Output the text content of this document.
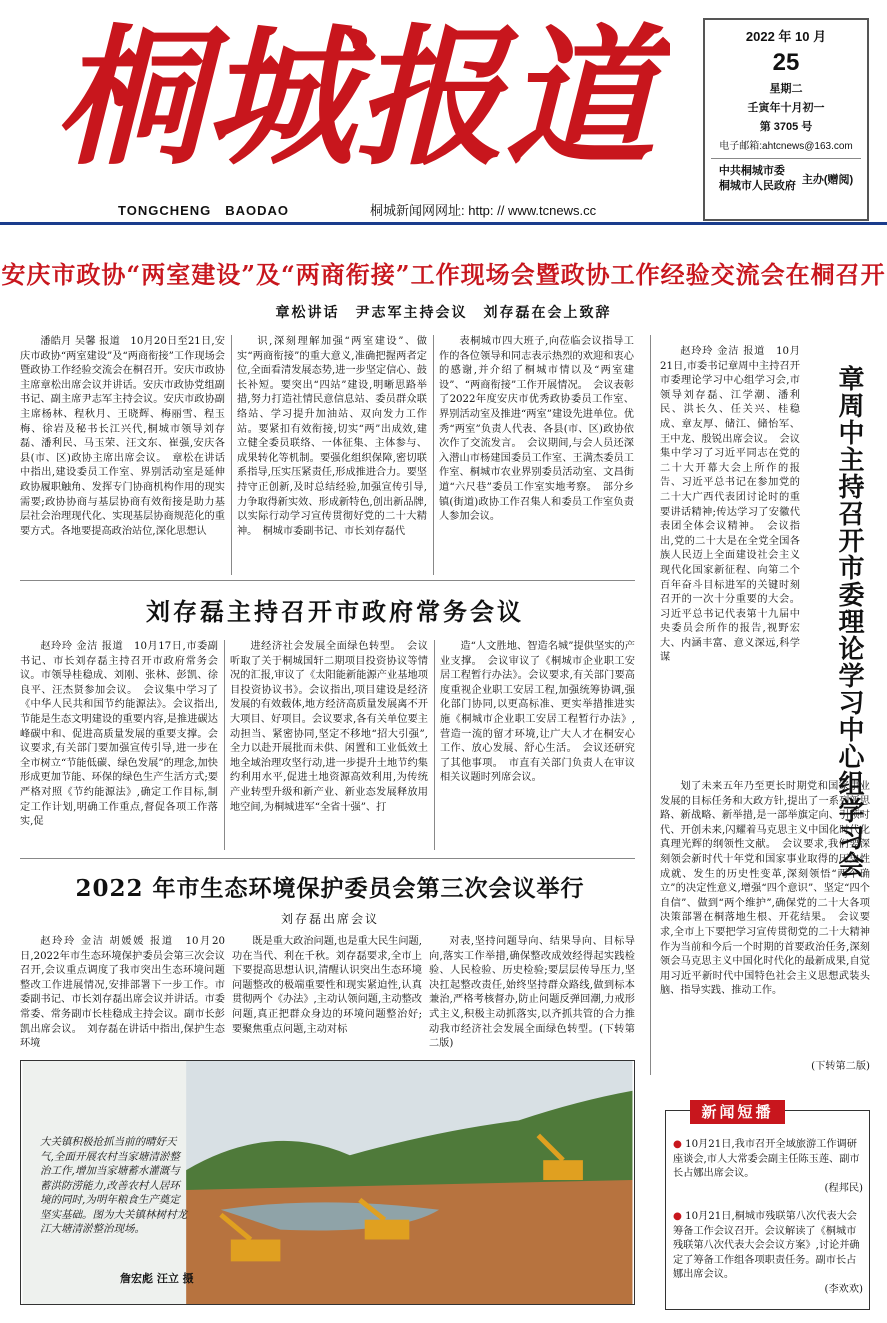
桐城报道
TONGCHENG　BAODAO	桐城新闻网网址: http: // www.tcnews.cc
2022 年 10 月
25
星期二
壬寅年十月初一
第 3705 号
电子邮箱:ahtcnews@163.com
中共桐城市委
桐城市人民政府 主办(赠阅)
安庆市政协“两室建设”及“两商衔接”工作现场会暨政协工作经验交流会在桐召开
章松讲话　尹志军主持会议　刘存磊在会上致辞

潘皓月 吴馨 报道　10月20日至21日,安庆市政协“两室建设”及“两商衔接”工作现场会暨政协工作经验交流会在桐召开。安庆市政协主席章松出席会议并讲话。安庆市政协党组副书记、副主席尹志军主持会议。安庆市政协副主席杨林、程秋月、王晓辉、梅丽雪、程玉梅、徐岩及秘书长江兴代,桐城市领导刘存磊、潘利民、马玉荣、汪文东、崔强,安庆各县(市、区)政协主席出席会议。　章松在讲话中指出,建设委员工作室、界别活动室是延伸政协履职触角、发挥专门协商机构作用的现实需要;政协协商与基层协商有效衔接是助力基层社会治理现代化、实现基层协商规范化的重要方式。各地要提高政治站位,深化思想认

识,深刻理解加强“两室建设”、做实“两商衔接”的重大意义,准确把握两者定位,全面看清发展态势,进一步坚定信心、鼓长补短。要突出“四站”建设,明晰思路举措,努力打造社情民意信息站、委员群众联络站、学习提升加油站、双向发力工作站。要紧扣有效衔接,切实“两”出成效,建立健全委员联络、一体征集、主体参与、成果转化等机制。要强化组织保障,密切联系指导,压实压紧责任,形成推进合力。要坚持守正创新,及时总结经验,加强宣传引导,力争取得新实效、形成新特色,创出新品牌,以实际行动学习宣传贯彻好党的二十大精神。　桐城市委副书记、市长刘存磊代

表桐城市四大班子,向莅临会议指导工作的各位领导和同志表示热烈的欢迎和衷心的感谢,并介绍了桐城市情以及“两室建设”、“两商衔接”工作开展情况。　会议表彰了2022年度安庆市优秀政协委员工作室、界别活动室及推进“两室”建设先进单位。优秀“两室”负责人代表、各县(市、区)政协依次作了交流发言。　会议期间,与会人员还深入潜山市杨建国委员工作室、王满杰委员工作室、桐城市农业界别委员活动室、文昌街道“六尺巷”委员工作室实地考察。　部分乡镇(街道)政协工作召集人和委员工作室负责人参加会议。

刘存磊主持召开市政府常务会议

赵玲玲 金洁 报道　10月17日,市委副书记、市长刘存磊主持召开市政府常务会议。市领导桂稳成、刘刚、张林、彭凯、徐良平、汪杰贤参加会议。　会议集中学习了《中华人民共和国节约能源法》。会议指出,节能是生态文明建设的重要内容,是推进碳达峰碳中和、促进高质量发展的重要支撑。会议要求,有关部门要加强宣传引导,进一步在全市树立“节能低碳、绿色发展”的理念,加快形成更加节能、环保的绿色生产生活方式;要严格对照《节约能源法》,确定工作目标,制定工作计划,明确工作重点,督促各项工作落实,促

进经济社会发展全面绿色转型。　会议听取了关于桐城国轩二期项目投资协议等情况的汇报,审议了《太阳能新能源产业基地项目投资协议书》。会议指出,项目建设是经济发展的有效载体,地方经济高质量发展离不开大项目、好项目。会议要求,各有关单位要主动担当、紧密协同,坚定不移地“招大引强”,全力以赴开展批而未供、闲置和工业低效土地全域治理攻坚行动,进一步提升土地节约集约利用水平,促进土地资源高效利用,为传统产业转型升级和新产业、新业态发展释放用地空间,为桐城进军“全省十强”、打

造“人文胜地、智造名城”提供坚实的产业支撑。　会议审议了《桐城市企业职工安居工程暂行办法》。会议要求,有关部门要高度重视企业职工安居工程,加强统筹协调,强化部门协同,以更高标准、更实举措推进实施《桐城市企业职工安居工程暂行办法》,营造一流的留才环境,让广大人才在桐安心工作、放心发展、舒心生活。　会议还研究了其他事项。　市直有关部门负责人在审议相关议题时列席会议。

2022 年市生态环境保护委员会第三次会议举行
刘存磊出席会议

赵玲玲 金洁 胡媛媛 报道　10月20日,2022年市生态环境保护委员会第三次会议召开,会议重点调度了我市突出生态环境问题整改工作进展情况,安排部署下一步工作。市委副书记、市长刘存磊出席会议并讲话。市委常委、常务副市长桂稳成主持会议。副市长彭凯出席会议。　刘存磊在讲话中指出,保护生态环境

既是重大政治问题,也是重大民生问题,功在当代、利在千秋。刘存磊要求,全市上下要提高思想认识,清醒认识突出生态环境问题整改的极端重要性和现实紧迫性,认真贯彻两个《办法》,主动认领问题,主动整改问题,真正把群众身边的环境问题整治好;要聚焦重点问题,主动对标

对表,坚持问题导向、结果导向、目标导向,落实工作举措,确保整改成效经得起实践检验、人民检验、历史检验;要层层传导压力,坚决扛起整改责任,始终坚持群众路线,做到标本兼治,严格考核督办,防止问题反弹回潮,力戒形式主义,积极主动抓落实,以齐抓共管的合力推动我市经济社会发展全面绿色转型。(下转第二版)

大关镇积极抢抓当前的晴好天气,全面开展农村当家塘清淤整治工作,增加当家塘蓄水灌溉与蓄洪防涝能力,改善农村人居环境的同时,为明年粮食生产奠定坚实基础。图为大关镇林树村龙江大塘清淤整治现场。
詹宏彪 汪立 摄

赵玲玲 金洁 报道　10月21日,市委书记章周中主持召开市委理论学习中心组学习会,市领导刘存磊、江学潮、潘利民、洪长久、任关兴、桂稳成、章友厚、储江、储怡军、王中龙、殷锐出席会议。　会议集中学习了习近平同志在党的二十大开幕大会上所作的报告、习近平总书记在参加党的二十大广西代表团讨论时的重要讲话精神;传达学习了安徽代表团全体会议精神。　会议指出,党的二十大是在全党全国各族人民迈上全面建设社会主义现代化国家新征程、向第二个百年奋斗目标进军的关键时刻召开的一次十分重要的大会。习近平总书记代表第十九届中央委员会所作的报告,视野宏大、内涵丰富、意义深远,科学谋	章周中主持召开市委理论学习中心组学习会

划了未来五年乃至更长时期党和国家事业发展的目标任务和大政方针,提出了一系列新思路、新战略、新举措,是一部举旗定向、引领时代、开创未来,闪耀着马克思主义中国化时代化真理光辉的纲领性文献。　会议要求,我们要深刻领会新时代十年党和国家事业取得的历史性成就、发生的历史性变革,深刻领悟“两个确立”的决定性意义,增强“四个意识”、坚定“四个自信”、做到“两个维护”,确保党的二十大各项决策部署在桐落地生根、开花结果。　会议要求,全市上下要把学习宣传贯彻党的二十大精神作为当前和今后一个时期的首要政治任务,深刻领会马克思主义中国化时代化的最新成果,自觉用习近平新时代中国特色社会主义思想武装头脑、指导实践、推动工作。

(下转第二版)
新闻短播
● 10月21日,我市召开全域旅游工作调研座谈会,市人大常委会副主任陈玉莲、副市长占娜出席会议。
(程邦民)
● 10月21日,桐城市残联第八次代表大会筹备工作会议召开。会议解读了《桐城市残联第八次代表大会会议方案》,讨论并确定了筹备工作组各项职责任务。副市长占娜出席会议。
(李欢欢)
